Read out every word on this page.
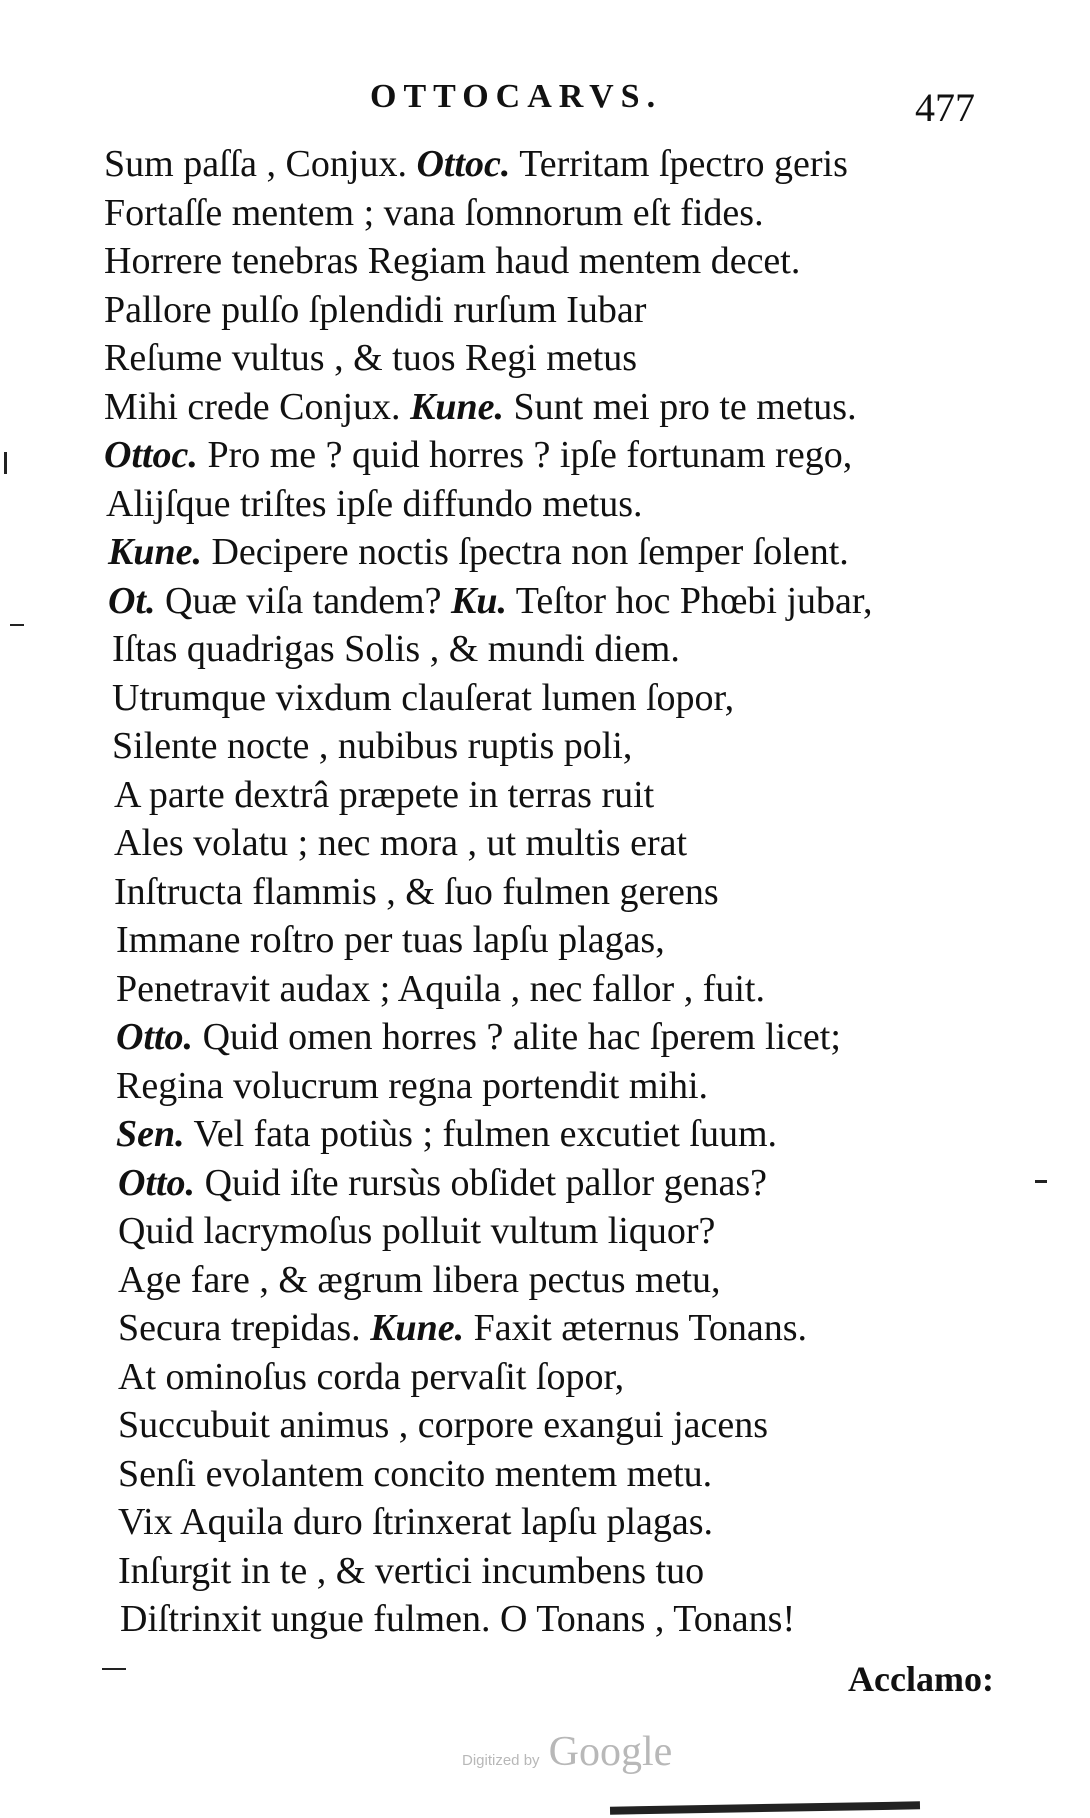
OTTOCARVS.	477
Sum paſſa , Conjux. Ottoc. Territam ſpectro geris
Fortaſſe mentem ; vana ſomnorum eſt fides.
Horrere tenebras Regiam haud mentem decet.
Pallore pulſo ſplendidi rurſum Iubar
Reſume vultus , & tuos Regi metus
Mihi crede Conjux. Kune. Sunt mei pro te metus.
Ottoc. Pro me ? quid horres ? ipſe fortunam rego,
Alijſque triſtes ipſe diffundo metus.
Kune. Decipere noctis ſpectra non ſemper ſolent.
Ot. Quæ viſa tandem? Ku. Teſtor hoc Phœbi jubar,
Iſtas quadrigas Solis , & mundi diem.
Utrumque vixdum clauſerat lumen ſopor,
Silente nocte , nubibus ruptis poli,
A parte dextrâ præpete in terras ruit
Ales volatu ; nec mora , ut multis erat
Inſtructa flammis , & ſuo fulmen gerens
Immane roſtro per tuas lapſu plagas,
Penetravit audax ; Aquila , nec fallor , fuit.
Otto. Quid omen horres ? alite hac ſperem licet;
Regina volucrum regna portendit mihi.
Sen. Vel fata potiùs ; fulmen excutiet ſuum.
Otto. Quid iſte rursùs obſidet pallor genas?
Quid lacrymoſus polluit vultum liquor?
Age fare , & ægrum libera pectus metu,
Secura trepidas. Kune. Faxit æternus Tonans.
At ominoſus corda pervaſit ſopor,
Succubuit animus , corpore exangui jacens
Senſi evolantem concito mentem metu.
Vix Aquila duro ſtrinxerat lapſu plagas.
Inſurgit in te , & vertici incumbens tuo
Diſtrinxit ungue fulmen. O Tonans , Tonans!
Acclamo:
Digitized by Google
